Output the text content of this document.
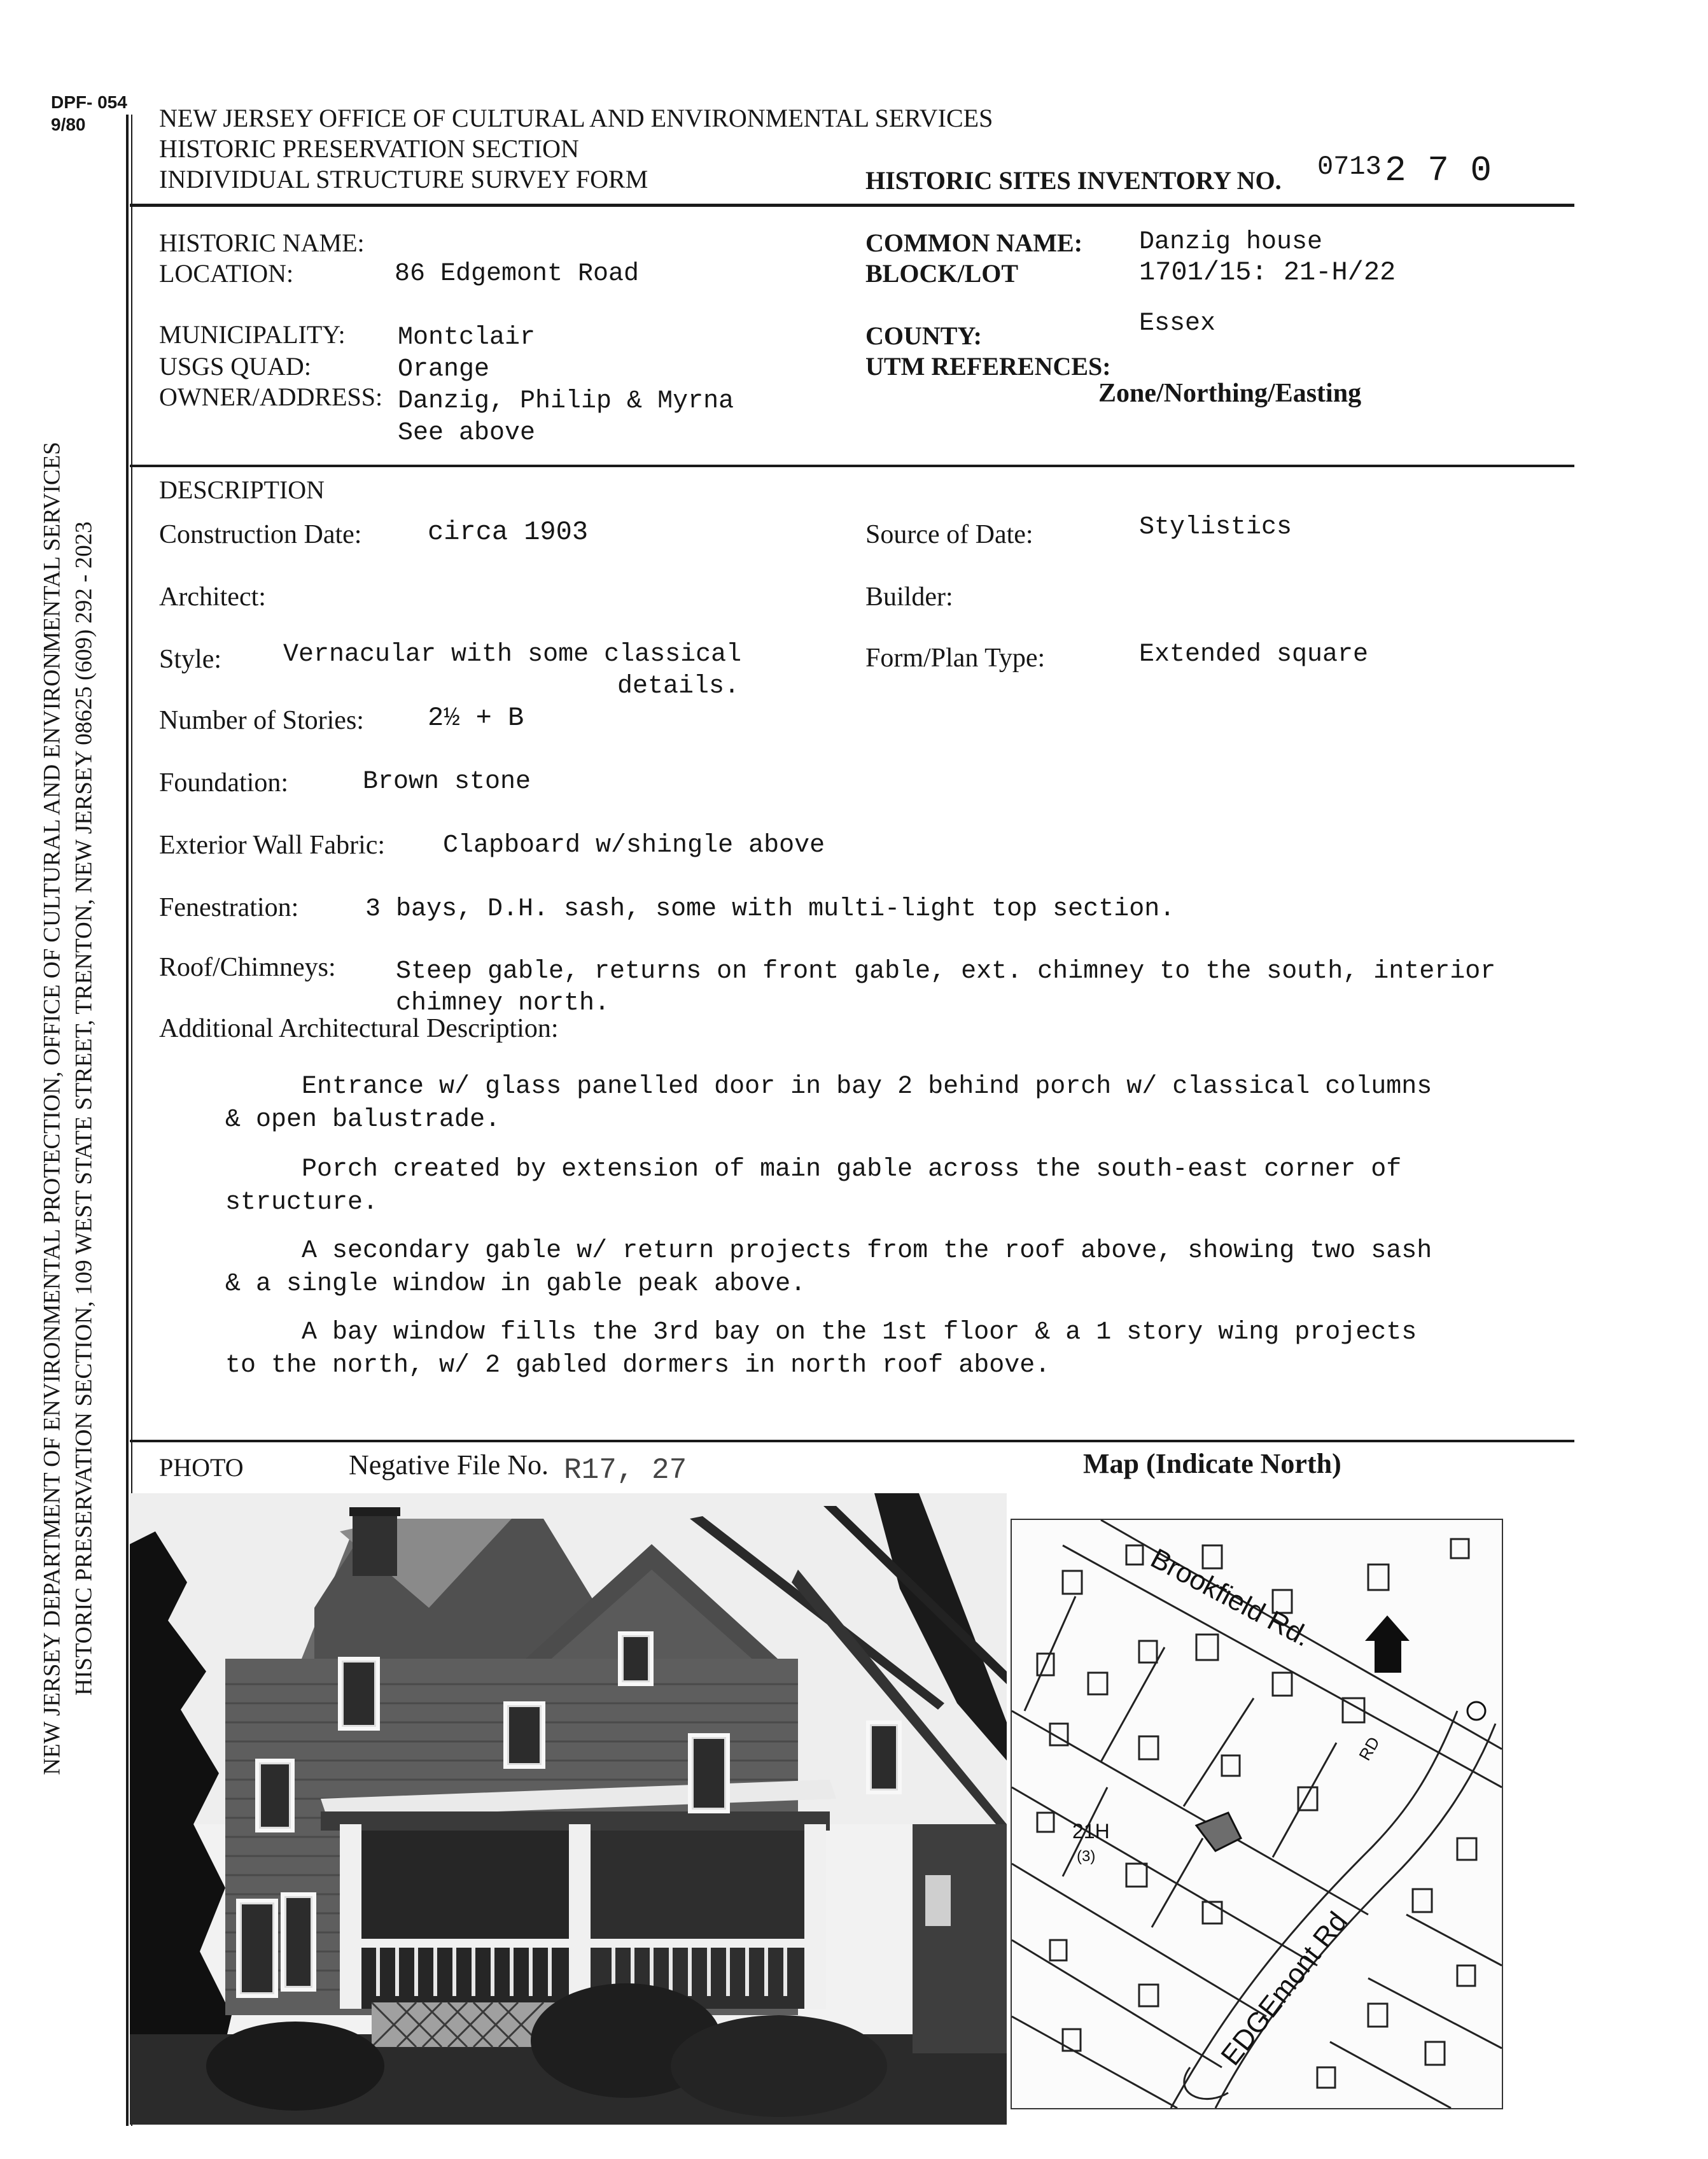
NEW JERSEY DEPARTMENT OF ENVIRONMENTAL PROTECTION, OFFICE OF CULTURAL AND ENVIRONMENTAL SERVICES HISTORIC PRESERVATION SECTION, 109 WEST STATE STREET, TRENTON, NEW JERSEY 08625 (609) 292 - 2023
DPF- 054
9/80	NEW JERSEY OFFICE OF CULTURAL AND ENVIRONMENTAL SERVICES
HISTORIC PRESERVATION SECTION
INDIVIDUAL STRUCTURE SURVEY FORM	HISTORIC SITES INVENTORY NO. 0713 2 7 0
HISTORIC NAME:
LOCATION:	86 Edgemont Road
COMMON NAME: Danzig house
BLOCK/LOT	1701/15: 21-H/22
MUNICIPALITY: Montclair
USGS QUAD:	Orange
OWNER/ADDRESS: Danzig, Philip & Myrna
See above
COUNTY:	Essex
UTM REFERENCES:
Zone/Northing/Easting
DESCRIPTION
Construction Date: circa 1903	Source of Date:	Stylistics
Architect:	Builder:
Style: Vernacular with some classical
details.
Form/Plan Type:	Extended square
Number of Stories: 2½ + B
Foundation:	Brown stone
Exterior Wall Fabric: Clapboard w/shingle above
Fenestration:	3 bays, D.H. sash, some with multi-light top section.
Roof/Chimneys: Steep gable, returns on front gable, ext. chimney to the south, interior
chimney north.
Additional Architectural Description:
Entrance w/ glass panelled door in bay 2 behind porch w/ classical columns
& open balustrade.
Porch created by extension of main gable across the south-east corner of
structure.
A secondary gable w/ return projects from the roof above, showing two sash
& a single window in gable peak above.
A bay window fills the 3rd bay on the 1st floor & a 1 story wing projects
to the north, w/ 2 gabled dormers in north roof above.
PHOTO	Negative File No. R17, 27	Map (Indicate North)
Brookfield Rd.
EDGEmont Rd
21H
(3)
RD
